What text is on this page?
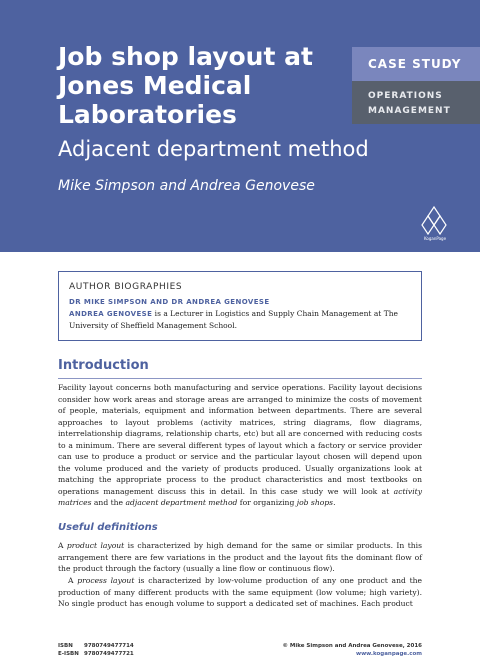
Job shop layout at Jones Medical Laboratories

Adjacent department method

Mike Simpson and Andrea Genovese

CASE STUDY
OPERATIONS
MANAGEMENT
KoganPage

AUTHOR BIOGRAPHIES

DR MIKE SIMPSON AND DR ANDREA GENOVESE

ANDREA GENOVESE is a Lecturer in Logistics and Supply Chain Management at The University of Sheffield Management School.

Introduction

Facility layout concerns both manufacturing and service operations. Facility layout decisions consider how work areas and storage areas are arranged to minimize the costs of movement of people, materials, equipment and information between departments. There are several approaches to layout problems (activity matrices, string diagrams, flow diagrams, interrelationship diagrams, relationship charts, etc) but all are concerned with reducing costs to a minimum. There are several different types of layout which a factory or service provider can use to produce a product or service and the particular layout chosen will depend upon the volume produced and the variety of products produced. Usually organizations look at matching the appropriate process to the product characteristics and most textbooks on operations management discuss this in detail. In this case study we will look at activity matrices and the adjacent department method for organizing job shops.

Useful definitions

A product layout is characterized by high demand for the same or similar products. In this arrangement there are few variations in the product and the layout fits the dominant flow of the product through the factory (usually a line flow or continuous flow).

A process layout is characterized by low-volume production of any one product and the production of many different products with the same equipment (low volume; high variety). No single product has enough volume to support a dedicated set of machines. Each product

ISBN 9780749477714
E-ISBN 9780749477721
© Mike Simpson and Andrea Genovese, 2016
www.koganpage.com
